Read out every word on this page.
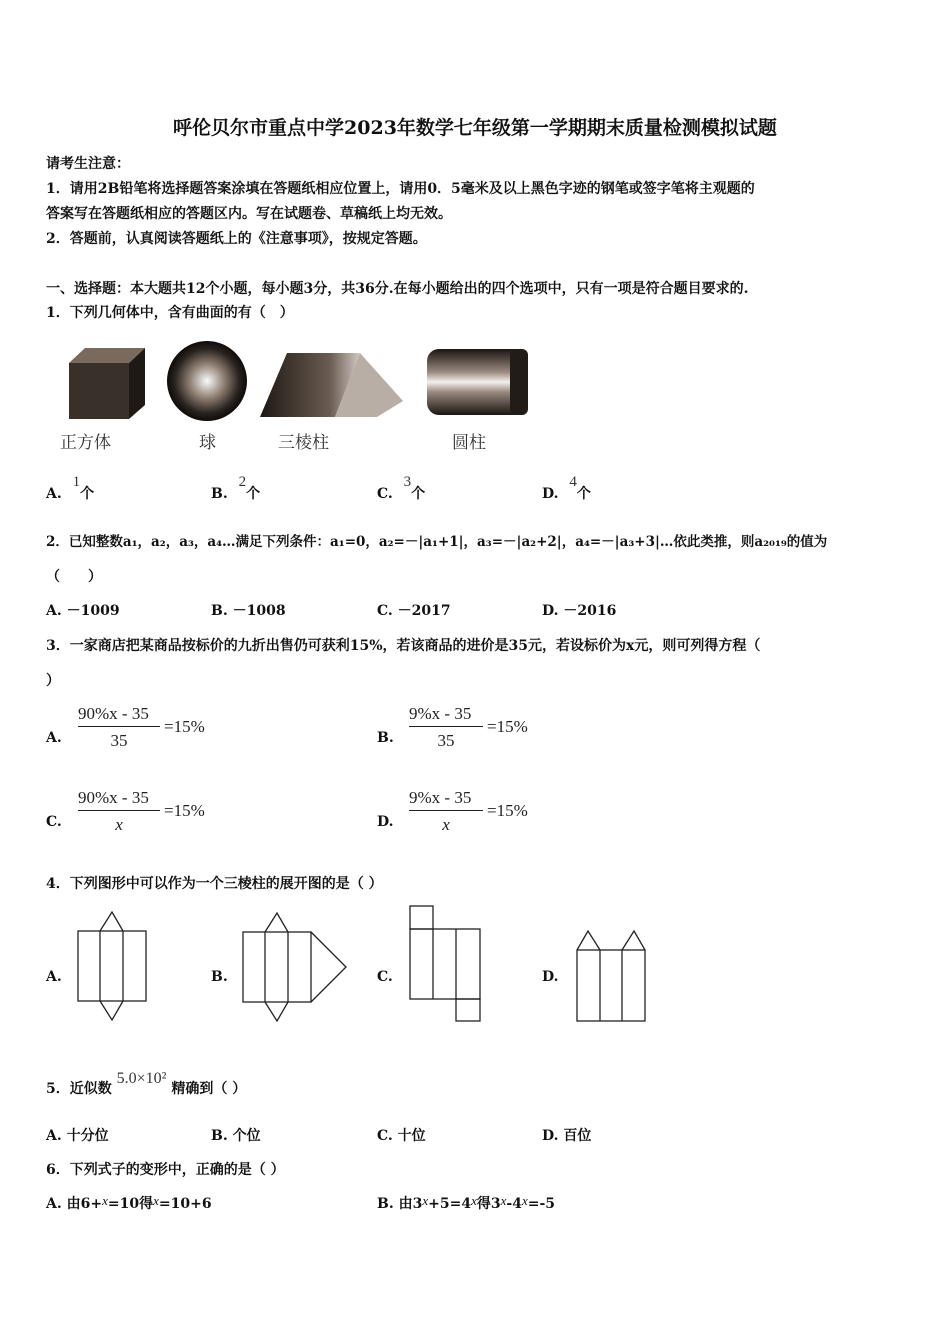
呼伦贝尔市重点中学2023年数学七年级第一学期期末质量检测模拟试题
请考生注意：
1．请用2B铅笔将选择题答案涂填在答题纸相应位置上，请用0．5毫米及以上黑色字迹的钢笔或签字笔将主观题的
答案写在答题纸相应的答题区内。写在试题卷、草稿纸上均无效。
2．答题前，认真阅读答题纸上的《注意事项》，按规定答题。
一、选择题：本大题共12个小题，每小题3分，共36分.在每小题给出的四个选项中，只有一项是符合题目要求的.
1．下列几何体中，含有曲面的有（　）
正方体	球	三棱柱	圆柱
A. 1个	B. 2个	C. 3个	D. 4个
2．已知整数a₁，a₂，a₃，a₄…满足下列条件：a₁=0，a₂=－|a₁+1|，a₃=－|a₂+2|，a₄=－|a₃+3|…依此类推，则a₂₀₁₉的值为
（　　）
A. －1009	B. －1008	C. －2017	D. －2016
3．一家商店把某商品按标价的九折出售仍可获利15%，若该商品的进价是35元，若设标价为x元，则可列得方程（
）
A.
90%x - 35
35
=15%
B.
9%x - 35
35
=15%
C.
90%x - 35
x
=15%
D.
9%x - 35
x
=15%
4．下列图形中可以作为一个三棱柱的展开图的是（ ）
A.	B.	C.	D.
5．近似数 5.0×10² 精确到（ ）
A. 十分位	B. 个位	C. 十位	D. 百位
6．下列式子的变形中，正确的是（ ）
A. 由6+x=10得x=10+6	B. 由3x+5=4x得3x-4x=-5
